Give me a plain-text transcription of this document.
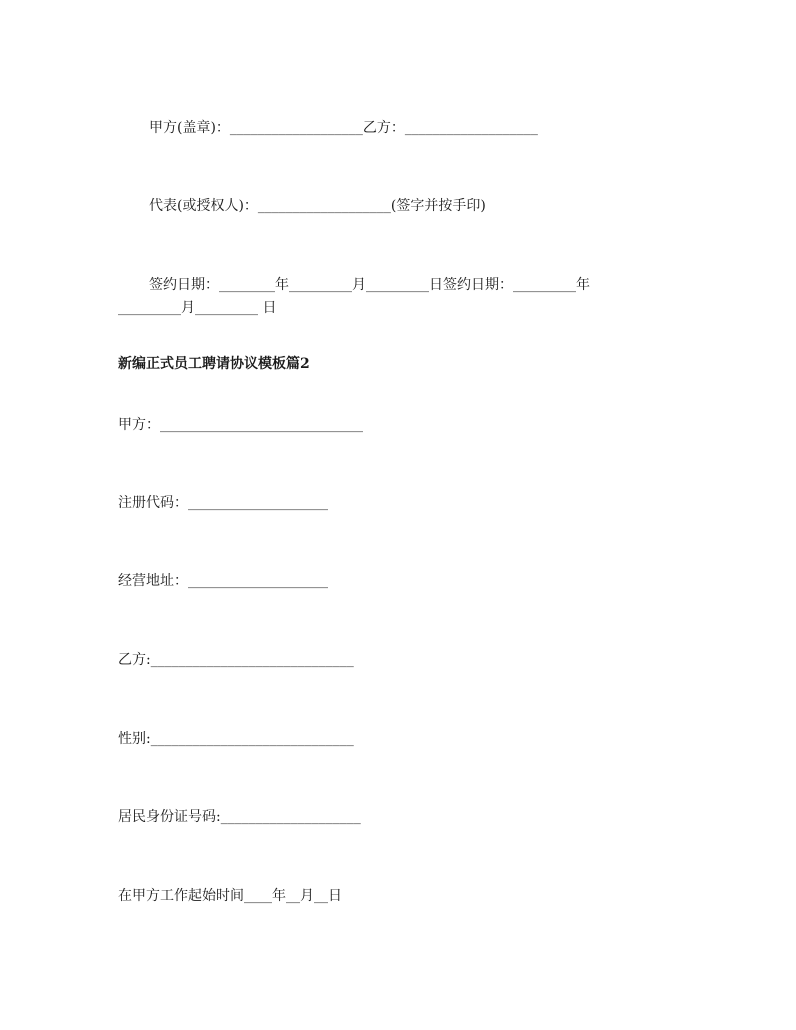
甲方(盖章)：___________________乙方：___________________
代表(或授权人)：___________________(签字并按手印)
签约日期：________年_________月_________日签约日期：_________年
_________月_________ 日
新编正式员工聘请协议模板篇2
甲方：_____________________________
注册代码：____________________
经营地址：____________________
乙方:_____________________________
性别:_____________________________
居民身份证号码:____________________
在甲方工作起始时间____年__月__日
